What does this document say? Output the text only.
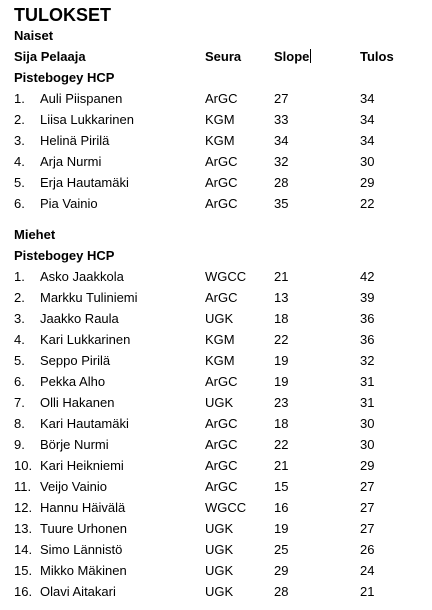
TULOKSET
Naiset
Sija Pelaaja	Seura	Slope	Tulos
Pistebogey HCP
1. Auli Piispanen	ArGC	27	34
2. Liisa Lukkarinen	KGM	33	34
3. Helinä Pirilä	KGM	34	34
4. Arja Nurmi	ArGC	32	30
5. Erja Hautamäki	ArGC	28	29
6. Pia Vainio	ArGC	35	22
Miehet
Pistebogey HCP
1. Asko Jaakkola	WGCC 21	42
2. Markku Tuliniemi	ArGC	13	39
3. Jaakko Raula	UGK	18	36
4. Kari Lukkarinen	KGM	22	36
5. Seppo Pirilä	KGM	19	32
6. Pekka Alho	ArGC	19	31
7. Olli Hakanen	UGK	23	31
8. Kari Hautamäki	ArGC	18	30
9. Börje Nurmi	ArGC	22	30
10. Kari Heikniemi	ArGC	21	29
11. Veijo Vainio	ArGC	15	27
12. Hannu Häivälä	WGCC 16	27
13. Tuure Urhonen	UGK	19	27
14. Simo Lännistö	UGK	25	26
15. Mikko Mäkinen	UGK	29	24
16. Olavi Aitakari	UGK	28	21
